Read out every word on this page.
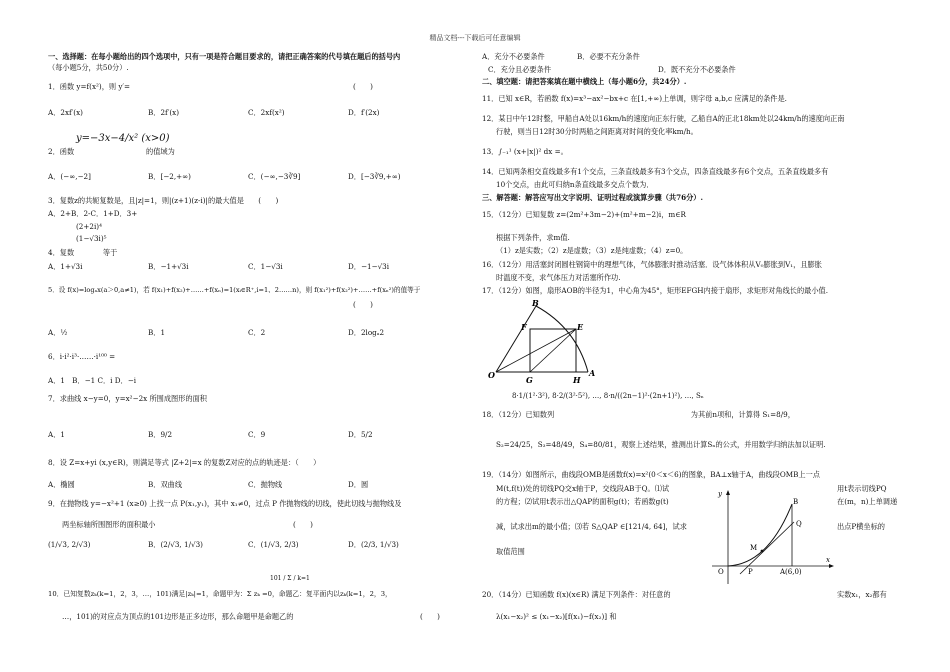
精品文档---下载后可任意编辑
一、选择题：在每小题给出的四个选项中，只有一项是符合题目要求的，请把正确答案的代号填在题后的括号内
（每小题5分，共50分）.
1．函数 y=f(x²)，则 y′=	(　　)
A．2xf′(x)	B．2f′(x)	C．2xf(x²)	D．f′(2x)
y=−3x−4/x² (x>0)
2．函数　　　　　　　　　　的值域为
A．(−∞,−2]	B．[−2,+∞)	C．(−∞,−3∛9]	D．[−3∛9,+∞)
3．复数z的共轭复数是，且|z|=1，则|(z+1)(z-i)|的最大值是　　(　　)
A．2+B．2-C．1+D．3+
(2+2i)⁴
(1−√3i)⁵
4．复数　　　　等于
A．1+√3i	B．−1+√3i	C．1−√3i	D．−1−√3i
5．设 f(x)=logₐx(a＞0,a≠1)，若 f(x₁)+f(x₂)+……+f(xₙ)=1(xᵢ∈R⁺,i=1、2……n)，则 f(x₁²)+f(x₂²)+……+f(xₙ²)的值等于
(　　)
A．½	B．1	C．2	D．2logₐ2
6．i·i²·i³·……·i¹⁰⁰ =
A．1　B．−1 C．i D．−i
7．求曲线 x−y=0，y=x²−2x 所围成图形的面积
A．1	B．9/2	C．9	D．5/2
8．设 Z=x+yi (x,y∈R)，则满足等式 |Z+2|=x 的复数Z对应的点的轨迹是：（　　）
A．椭圆	B．双曲线	C．抛物线	D．圆
9．在抛物线 y=−x²+1 (x≥0) 上找一点 P(x₁,y₁)，其中 x₁≠0，过点 P 作抛物线的切线，使此切线与抛物线及
两坐标轴所围图形的面积最小	(　　)
(1/√3, 2/√3)	B．(2/√3, 1/√3)	C．(1/√3, 2/3)	D．(2/3, 1/√3)
101 / Σ / k=1
10．已知复数zₖ(k=1，2，3，…，101)满足|zₖ|=1，命题甲为：Σ zₖ =0，命题乙：复平面内以zₖ(k=1，2，3，
…，101)的对应点为顶点的101边形是正多边形，那么命题甲是命题乙的	(　　)
A．充分不必要条件	B．必要不充分条件
C．充分且必要条件	D．既不充分不必要条件
二、填空题：请把答案填在题中横线上（每小题6分，共24分）.
11．已知 x∈R，若函数 f(x)=x³−ax²−bx+c 在[1,+∞)上单调，则字母 a,b,c 应满足的条件是.
12．某日中午12时整，甲船自A处以16km/h的速度向正东行驶，乙船自A的正北18km处以24km/h的速度向正南
行驶，则当日12时30分时两船之间距离对时间的变化率km/h。
13．∫₋₁¹ (x+|x|)² dx =。
14．已知两条相交直线最多有1个交点，三条直线最多有3个交点，四条直线最多有6个交点，五条直线最多有
10个交点，由此可归纳n条直线最多交点个数为．
三、解答题：解答应写出文字说明、证明过程或演算步骤（共76分）.
15．（12分）已知复数 z=(2m²+3m−2)+(m²+m−2)i，m∈R
根据下列条件，求m值.
（1）z是实数；（2）z是虚数；（3）z是纯虚数；（4）z=0。
16．（12分）用活塞封闭圆柱钢筒中的理想气体，气体膨胀时推动活塞．设气体体积从V₀膨胀到V₁，且膨胀
时温度不变，求气体压力对活塞所作功.
17．（12分）如图，扇形AOB的半径为1，中心角为45°，矩形EFGH内接于扇形，求矩形对角线长的最小值.
B
F	E
O	G	H
A
8·1/(1²·3²), 8·2/(3²·5²), …, 8·n/((2n−1)²·(2n+1)²), …, Sₙ
18．（12分）已知数列　　　　　　　　　　　　　　　　　　　为其前n项和，计算得 S₁=8/9，
S₂=24/25，S₃=48/49，S₄=80/81，观察上述结果，推测出计算Sₙ的公式，并用数学归纳法加以证明.
19．（14分）如图所示，曲线段OMB是函数f(x)=x²(0＜x＜6)的图象，BA⊥x轴于A，曲线段OMB上一点
M(t,f(t))处的切线PQ交x轴于P，交线段AB于Q。⑴试	用t表示切线PQ
的方程；⑵试用t表示出△QAP的面积g(t)；若函数g(t)	在(m，n)上单调递
减，试求出m的最小值；⑶若 S△QAP ∈[121/4, 64]，试求	出点P横坐标的
取值范围
y
B
Q
M
O	P	A(6,0)
x
20．（14分）已知函数 f(x)(x∈R) 满足下列条件：对任意的	实数x₁，x₂都有
λ(x₁−x₂)² ≤ (x₁−x₂)[f(x₁)−f(x₂)] 和
